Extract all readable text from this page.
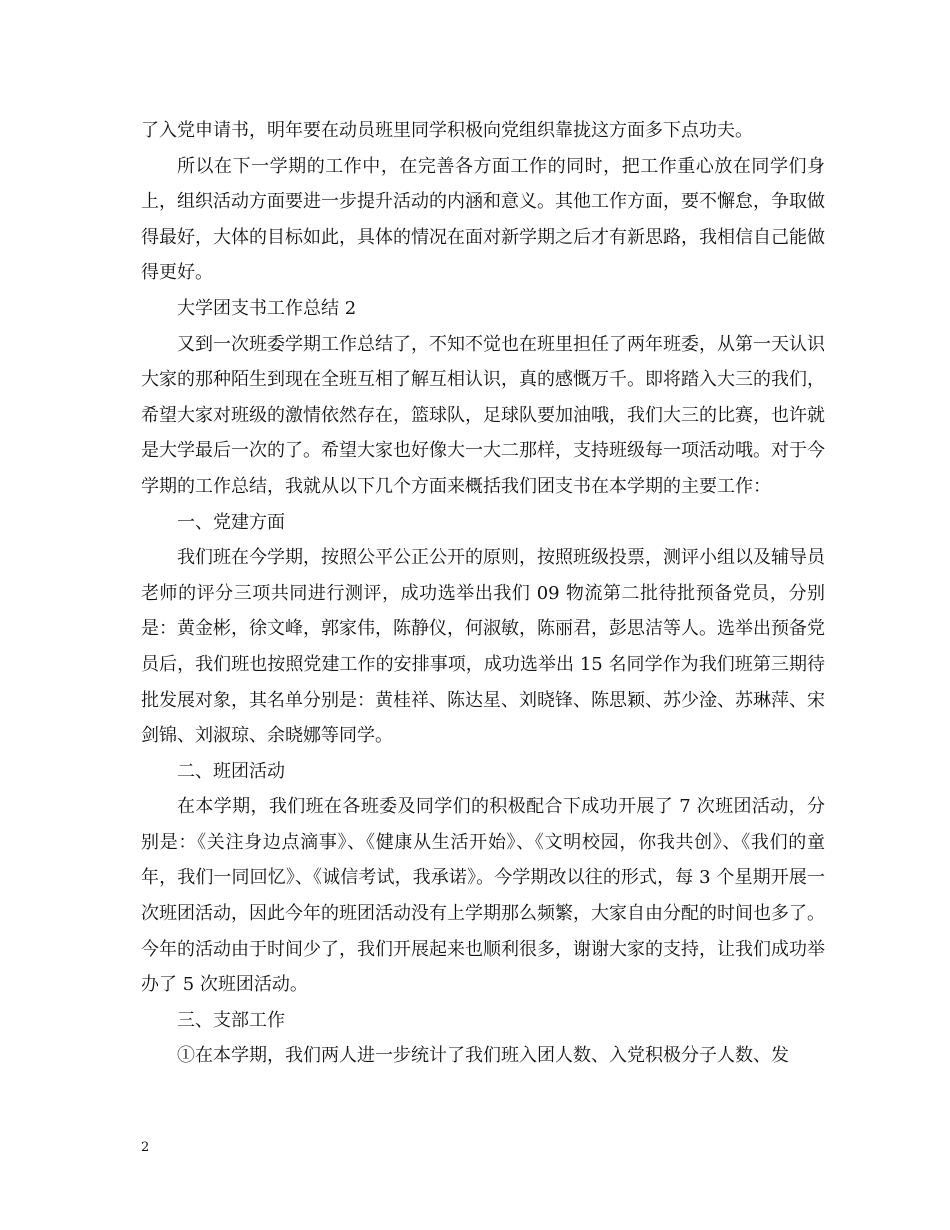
了入党申请书，明年要在动员班里同学积极向党组织靠拢这方面多下点功夫。

所以在下一学期的工作中，在完善各方面工作的同时，把工作重心放在同学们身上，组织活动方面要进一步提升活动的内涵和意义。其他工作方面，要不懈怠，争取做得最好，大体的目标如此，具体的情况在面对新学期之后才有新思路，我相信自己能做得更好。

大学团支书工作总结 2

又到一次班委学期工作总结了，不知不觉也在班里担任了两年班委，从第一天认识大家的那种陌生到现在全班互相了解互相认识，真的感慨万千。即将踏入大三的我们，希望大家对班级的激情依然存在，篮球队，足球队要加油哦，我们大三的比赛，也许就是大学最后一次的了。希望大家也好像大一大二那样，支持班级每一项活动哦。对于今学期的工作总结，我就从以下几个方面来概括我们团支书在本学期的主要工作：

一、党建方面

我们班在今学期，按照公平公正公开的原则，按照班级投票，测评小组以及辅导员老师的评分三项共同进行测评，成功选举出我们 09 物流第二批待批预备党员，分别是：黄金彬，徐文峰，郭家伟，陈静仪，何淑敏，陈丽君，彭思洁等人。选举出预备党员后，我们班也按照党建工作的安排事项，成功选举出 15 名同学作为我们班第三期待批发展对象，其名单分别是：黄桂祥、陈达星、刘晓锋、陈思颖、苏少淦、苏琳萍、宋剑锦、刘淑琼、余晓娜等同学。

二、班团活动

在本学期，我们班在各班委及同学们的积极配合下成功开展了 7 次班团活动，分别是：《关注身边点滴事》、《健康从生活开始》、《文明校园，你我共创》、《我们的童年，我们一同回忆》、《诚信考试，我承诺》。今学期改以往的形式，每 3 个星期开展一次班团活动，因此今年的班团活动没有上学期那么频繁，大家自由分配的时间也多了。今年的活动由于时间少了，我们开展起来也顺利很多，谢谢大家的支持，让我们成功举办了 5 次班团活动。

三、支部工作

①在本学期，我们两人进一步统计了我们班入团人数、入党积极分子人数、发

2
